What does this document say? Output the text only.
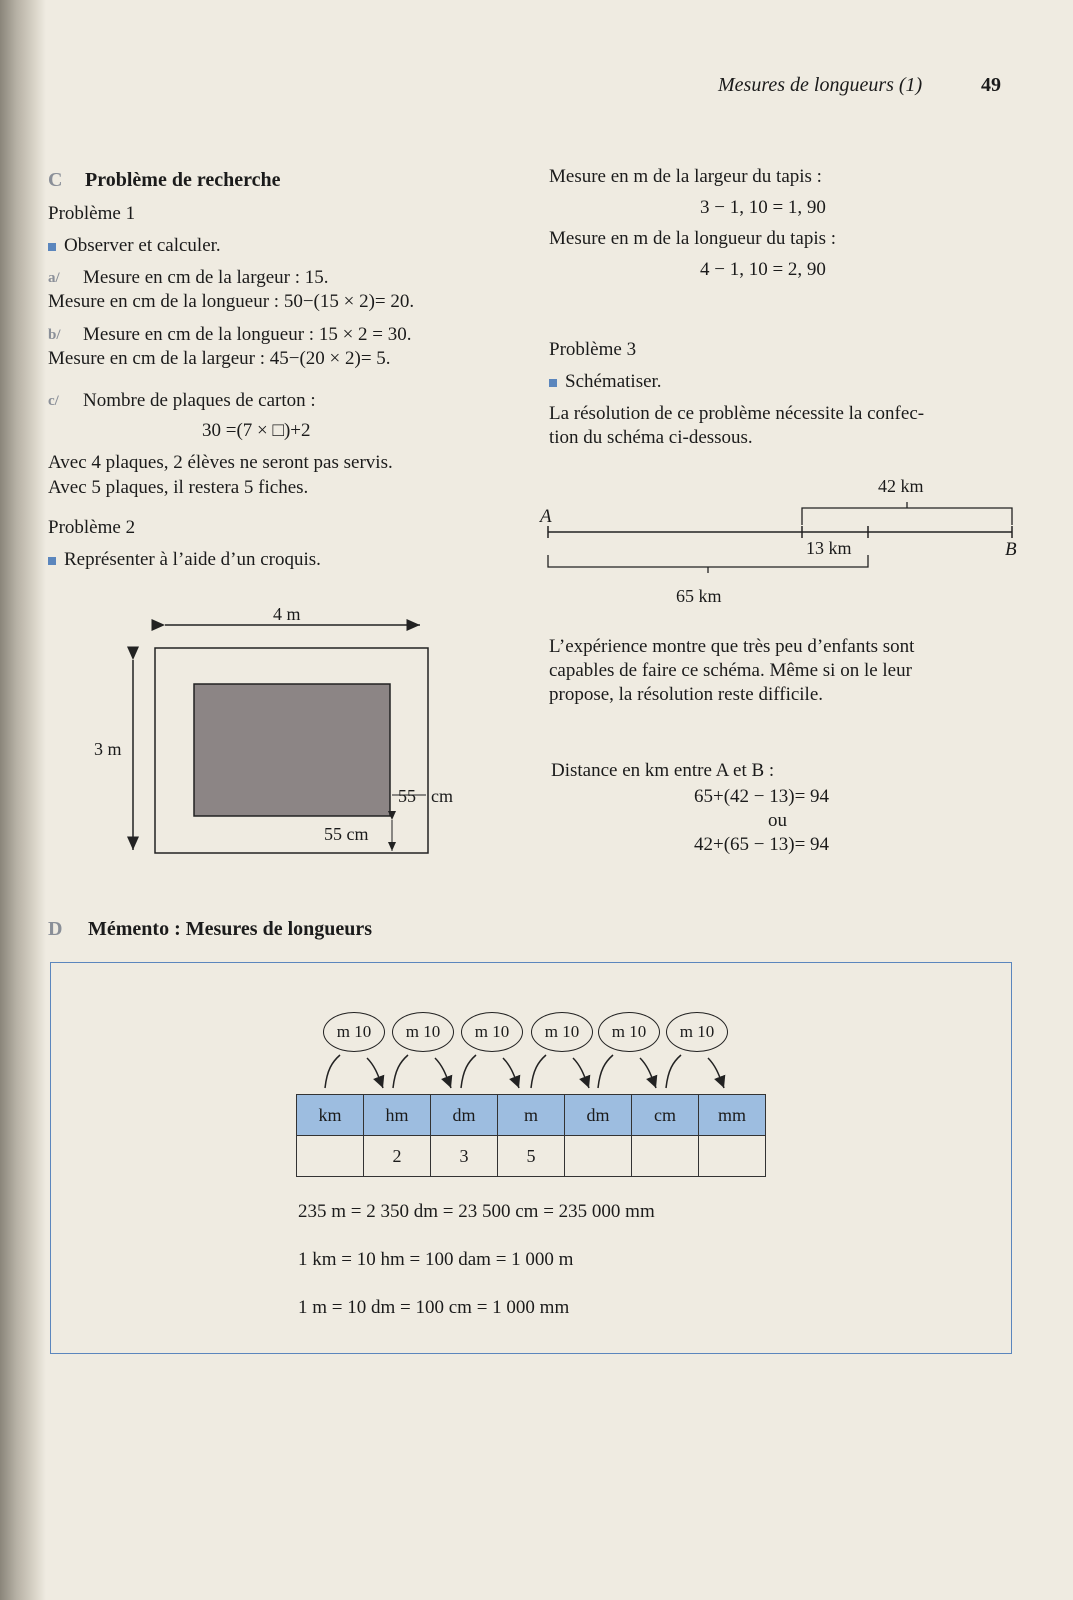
Mesures de longueurs (1)	49
C Problème de recherche
Problème 1
Observer et calculer.
a/ Mesure en cm de la largeur : 15.
Mesure en cm de la longueur : 50−(15 × 2)= 20.
b/ Mesure en cm de la longueur : 15 × 2 = 30.
Mesure en cm de la largeur : 45−(20 × 2)= 5.
c/ Nombre de plaques de carton :
30 =(7 × □)+2
Avec 4 plaques, 2 élèves ne seront pas servis.
Avec 5 plaques, il restera 5 fiches.
Problème 2
Représenter à l’aide d’un croquis.
4 m
3 m
55 cm
55 cm
Mesure en m de la largeur du tapis :
3 − 1, 10 = 1, 90
Mesure en m de la longueur du tapis :
4 − 1, 10 = 2, 90
Problème 3
Schématiser.
La résolution de ce problème nécessite la confec-
tion du schéma ci-dessous.
A
B
42 km
13 km
65 km
L’expérience montre que très peu d’enfants sont
capables de faire ce schéma. Même si on le leur
propose, la résolution reste difficile.
Distance en km entre A et B :
65+(42 − 13)= 94
ou
42+(65 − 13)= 94
D Mémento : Mesures de longueurs
m 10	m 10	m 10	m 10	m 10	m 10
km	hm	dm	m	dm	cm	mm
	2	3	5			
235 m = 2 350 dm = 23 500 cm = 235 000 mm
1 km = 10 hm = 100 dam = 1 000 m
1 m = 10 dm = 100 cm = 1 000 mm
